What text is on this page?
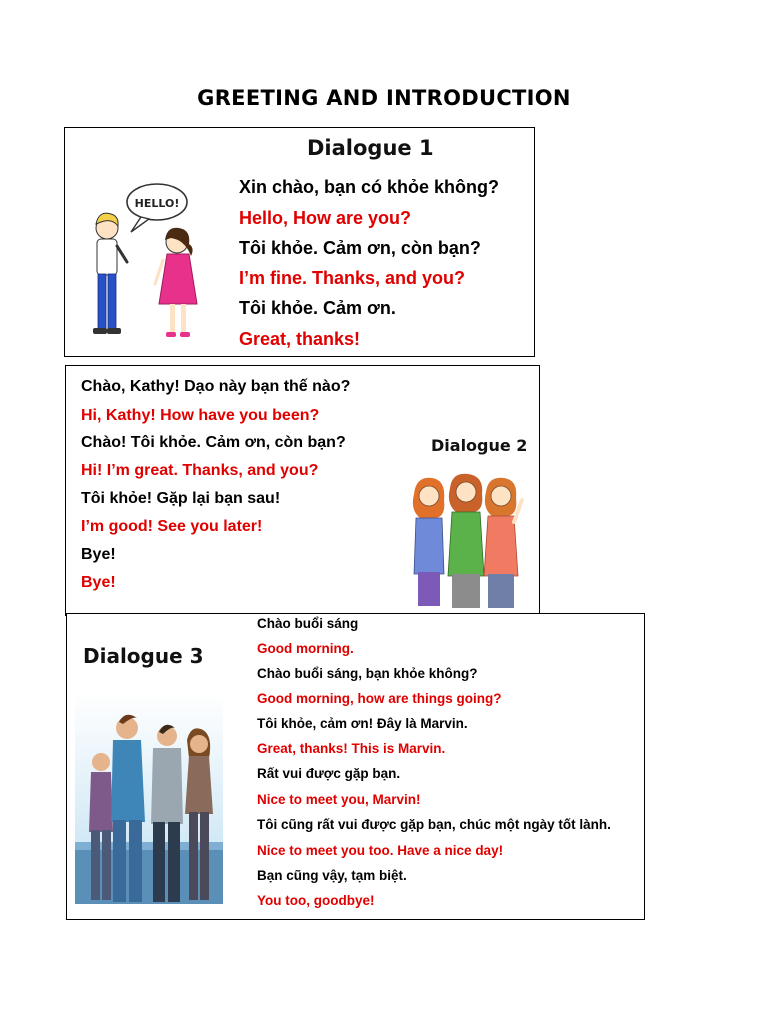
GREETING AND INTRODUCTION
Dialogue 1
HELLO!
Xin chào, bạn có khỏe không?
Hello, How are you?
Tôi khỏe. Cảm ơn, còn bạn?
I’m fine. Thanks, and you?
Tôi khỏe. Cảm ơn.
Great, thanks!
Chào, Kathy! Dạo này bạn thế nào?
Hi, Kathy! How have you been?
Chào! Tôi khỏe. Cảm ơn, còn bạn?
Hi! I’m great. Thanks, and you?
Tôi khỏe! Gặp lại bạn sau!
I’m good! See you later!
Bye!
Bye!
Dialogue 2
Dialogue 3
Chào buổi sáng
Good morning.
Chào buổi sáng, bạn khỏe không?
Good morning, how are things going?
Tôi khỏe, cảm ơn! Đây là Marvin.
Great, thanks! This is Marvin.
Rất vui được gặp bạn.
Nice to meet you, Marvin!
Tôi cũng rất vui được gặp bạn, chúc một ngày tốt lành.
Nice to meet you too. Have a nice day!
Bạn cũng vậy, tạm biệt.
You too, goodbye!
